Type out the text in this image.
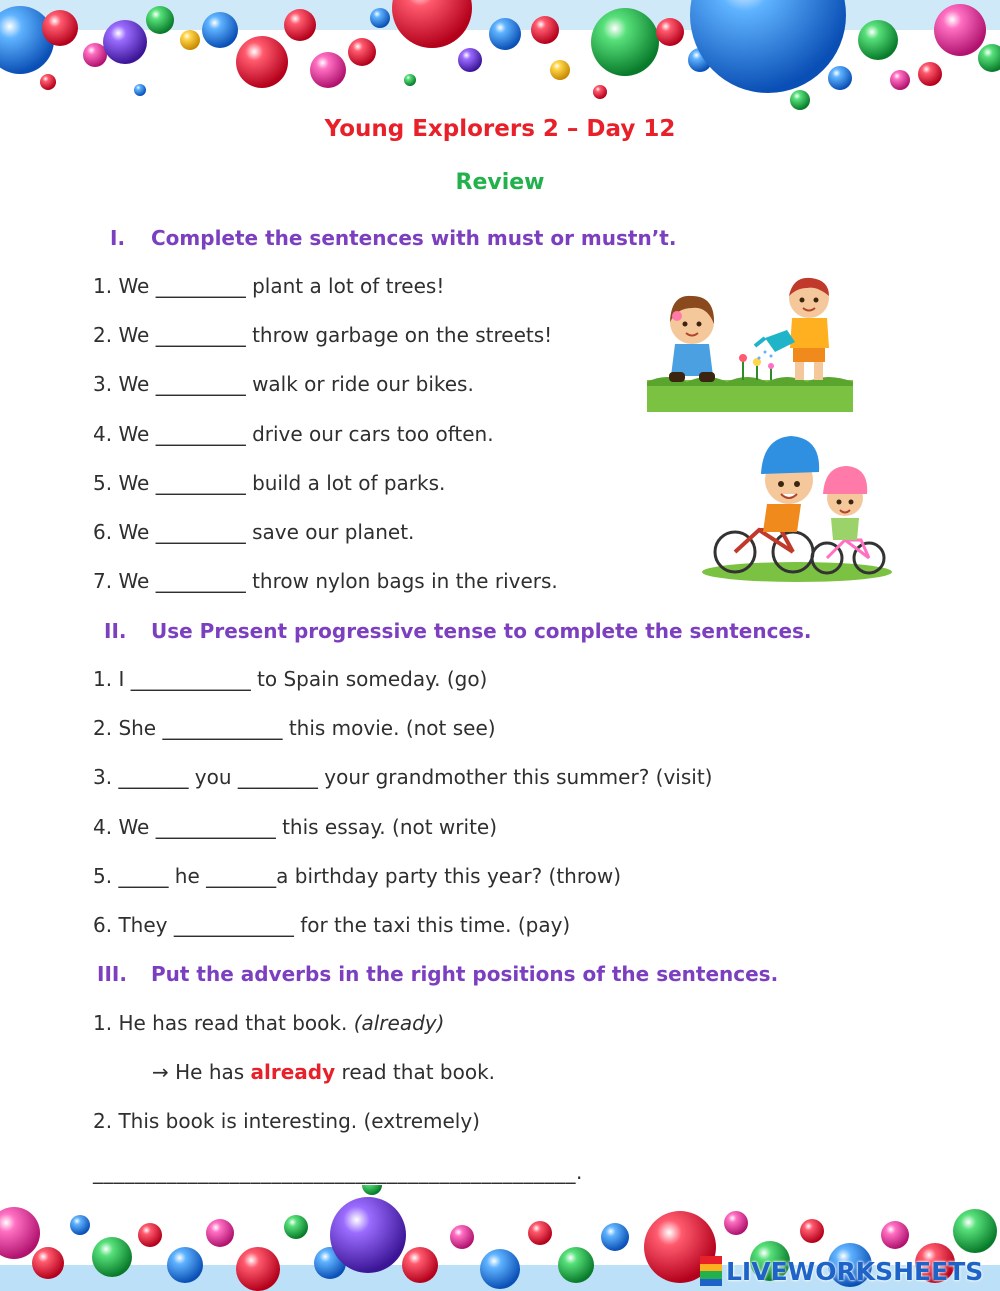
Young Explorers 2 – Day 12
Review
I. Complete the sentences with must or mustn’t.
1. We _________ plant a lot of trees!
2. We _________ throw garbage on the streets!
3. We _________ walk or ride our bikes.
4. We _________ drive our cars too often.
5. We _________ build a lot of parks.
6. We _________ save our planet.
7. We _________ throw nylon bags in the rivers.
II. Use Present progressive tense to complete the sentences.
1. I ____________ to Spain someday. (go)
2. She ____________ this movie. (not see)
3. _______ you ________ your grandmother this summer? (visit)
4. We ____________ this essay. (not write)
5. _____ he _______a birthday party this year? (throw)
6. They ____________ for the taxi this time. (pay)
III. Put the adverbs in the right positions of the sentences.
1. He has read that book. (already)
→ He has already read that book.
2. This book is interesting. (extremely)
______________________________________________.
LIVEWORKSHEETS
